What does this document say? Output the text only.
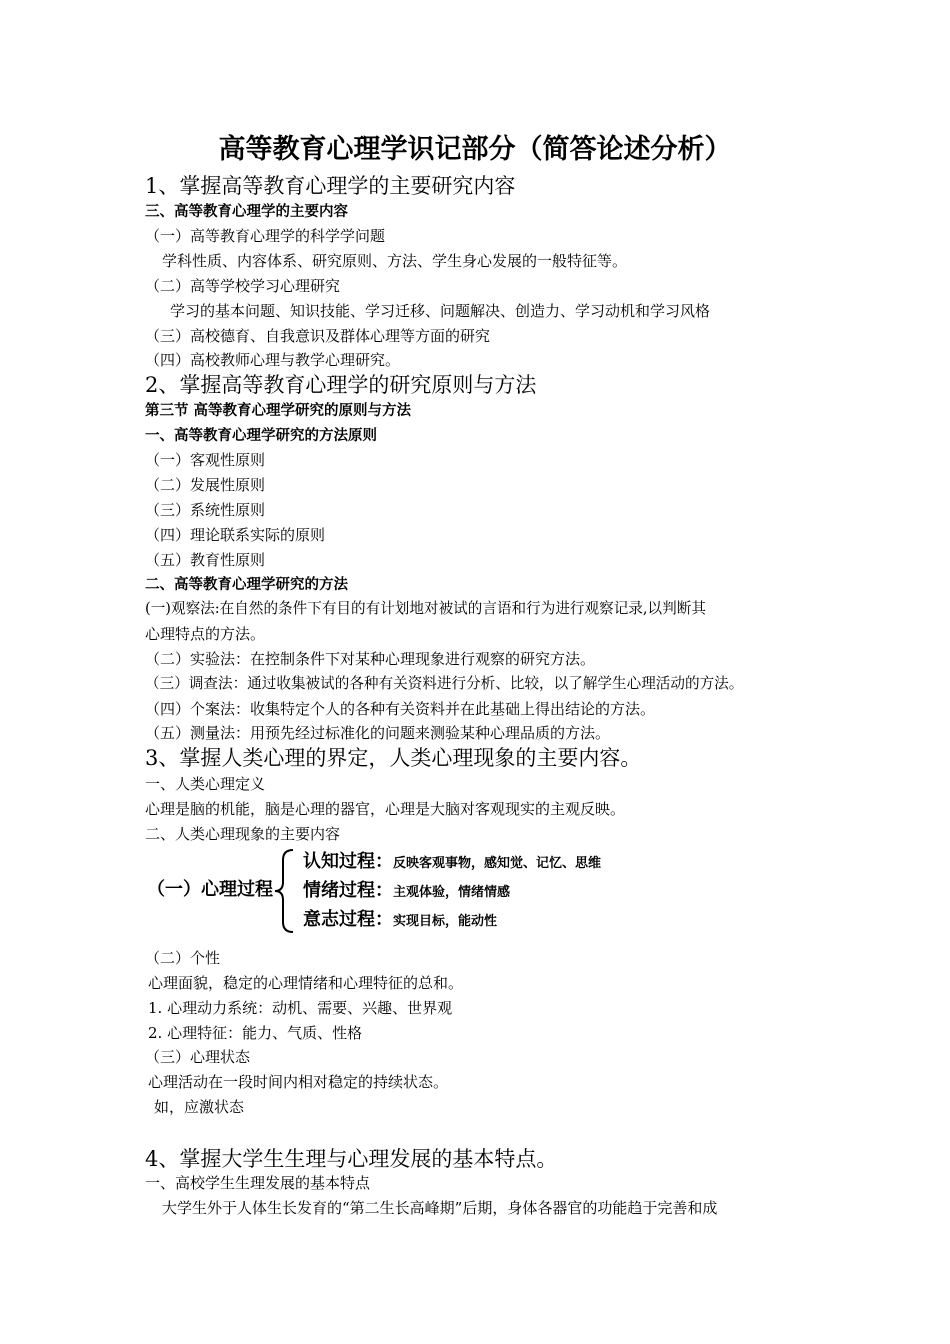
高等教育心理学识记部分（简答论述分析）
1、掌握高等教育心理学的主要研究内容
三、高等教育心理学的主要内容
（一）高等教育心理学的科学学问题
学科性质、内容体系、研究原则、方法、学生身心发展的一般特征等。
（二）高等学校学习心理研究
学习的基本问题、知识技能、学习迁移、问题解决、创造力、学习动机和学习风格
（三）高校德育、自我意识及群体心理等方面的研究
（四）高校教师心理与教学心理研究。
2、掌握高等教育心理学的研究原则与方法
第三节 高等教育心理学研究的原则与方法
一、高等教育心理学研究的方法原则
（一）客观性原则
（二）发展性原则
（三）系统性原则
（四）理论联系实际的原则
（五）教育性原则
二、高等教育心理学研究的方法
(一)观察法:在自然的条件下有目的有计划地对被试的言语和行为进行观察记录,以判断其
心理特点的方法。
（二）实验法：在控制条件下对某种心理现象进行观察的研究方法。
（三）调查法：通过收集被试的各种有关资料进行分析、比较，以了解学生心理活动的方法。
（四）个案法：收集特定个人的各种有关资料并在此基础上得出结论的方法。
（五）测量法：用预先经过标准化的问题来测验某种心理品质的方法。
3、掌握人类心理的界定，人类心理现象的主要内容。
一、人类心理定义
心理是脑的机能，脑是心理的器官，心理是大脑对客观现实的主观反映。
二、人类心理现象的主要内容
（一）心理过程
认知过程：反映客观事物，感知觉、记忆、思维
情绪过程：主观体验，情绪情感
意志过程：实现目标，能动性
（二）个性
心理面貌，稳定的心理情绪和心理特征的总和。
1. 心理动力系统：动机、需要、兴趣、世界观
2. 心理特征：能力、气质、性格
（三）心理状态
心理活动在一段时间内相对稳定的持续状态。
如，应激状态
4、掌握大学生生理与心理发展的基本特点。
一、高校学生生理发展的基本特点
大学生外于人体生长发育的“第二生长高峰期”后期，身体各器官的功能趋于完善和成
